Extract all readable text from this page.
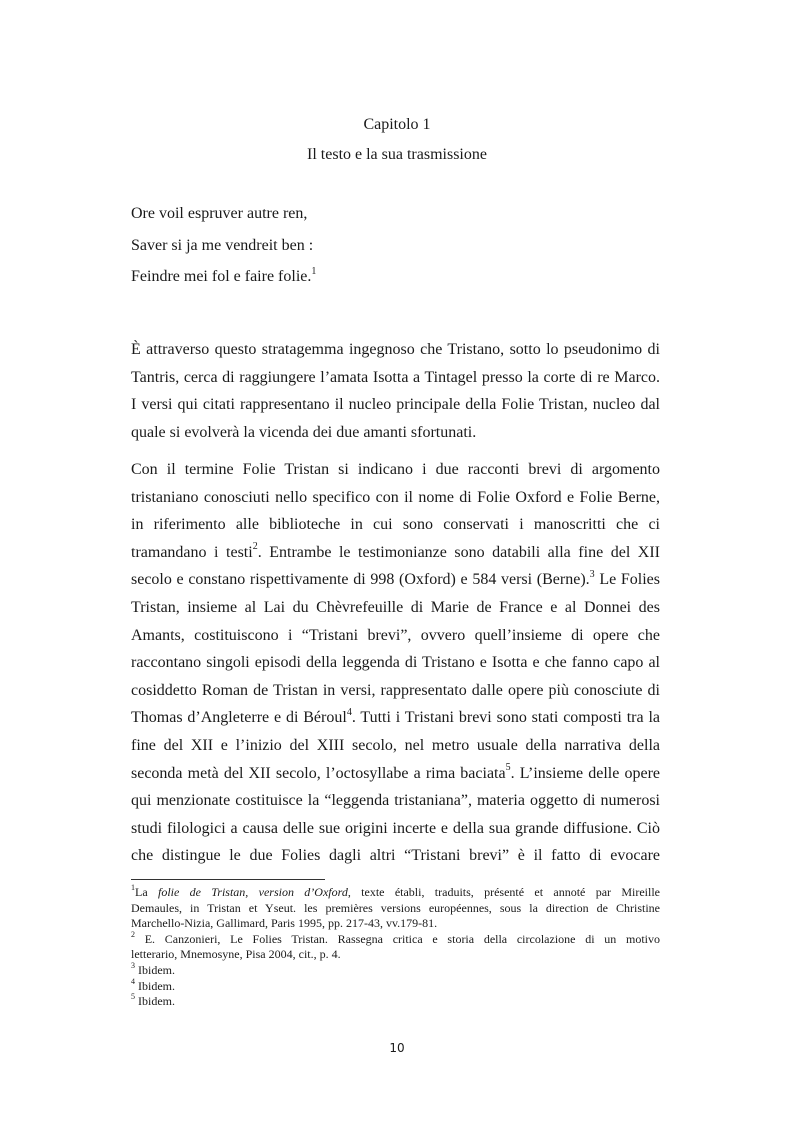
Capitolo 1
Il testo e la sua trasmissione
Ore voil espruver autre ren,
Saver si ja me vendreit ben :
Feindre mei fol e faire folie.$^1$
È attraverso questo stratagemma ingegnoso che Tristano, sotto lo pseudonimo di
Tantris, cerca di raggiungere l’amata Isotta a Tintagel presso la corte di re Marco.
I versi qui citati rappresentano il nucleo principale della Folie Tristan, nucleo dal
quale si evolverà la vicenda dei due amanti sfortunati.
Con il termine Folie Tristan si indicano i due racconti brevi di argomento
tristaniano conosciuti nello specifico con il nome di Folie Oxford e Folie Berne,
in riferimento alle biblioteche in cui sono conservati i manoscritti che ci
tramandano i testi$^2$. Entrambe le testimonianze sono databili alla fine del XII
secolo e constano rispettivamente di 998 (Oxford) e 584 versi (Berne).$^3$ Le Folies
Tristan, insieme al Lai du Chèvrefeuille di Marie de France e al Donnei des
Amants, costituiscono i “Tristani brevi”, ovvero quell’insieme di opere che
raccontano singoli episodi della leggenda di Tristano e Isotta e che fanno capo al
cosiddetto Roman de Tristan in versi, rappresentato dalle opere più conosciute di
Thomas d’Angleterre e di Béroul$^4$. Tutti i Tristani brevi sono stati composti tra la
fine del XII e l’inizio del XIII secolo, nel metro usuale della narrativa della
seconda metà del XII secolo, l’octosyllabe a rima baciata$^5$. L’insieme delle opere
qui menzionate costituisce la “leggenda tristaniana”, materia oggetto di numerosi
studi filologici a causa delle sue origini incerte e della sua grande diffusione. Ciò
che distingue le due Folies dagli altri “Tristani brevi” è il fatto di evocare

$^1$La folie de Tristan, version d’Oxford, texte établi, traduits, présenté et annoté par Mireille
Demaules, in Tristan et Yseut. les premières versions européennes, sous la direction de Christine
Marchello-Nizia, Gallimard, Paris 1995, pp. 217-43, vv.179-81.

$^2$ E. Canzonieri, Le Folies Tristan. Rassegna critica e storia della circolazione di un motivo
letterario, Mnemosyne, Pisa 2004, cit., p. 4.

$^3$ Ibidem.

$^4$ Ibidem.

$^5$ Ibidem.

10
